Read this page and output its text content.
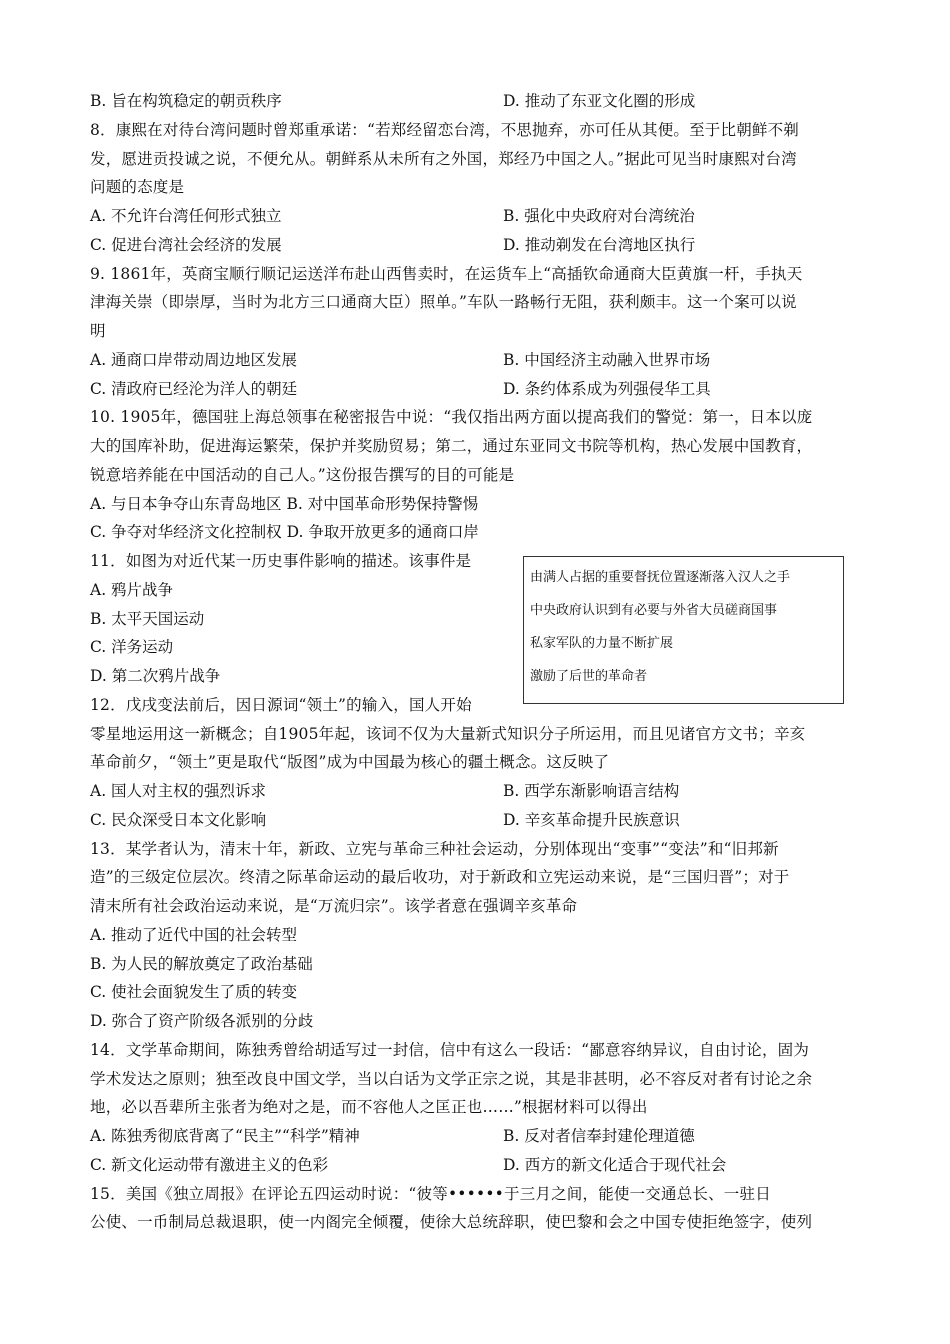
B. 旨在构筑稳定的朝贡秩序	D. 推动了东亚文化圈的形成
8．康熙在对待台湾问题时曾郑重承诺：“若郑经留恋台湾，不思抛弃，亦可任从其便。至于比朝鲜不剃
发，愿进贡投诚之说，不便允从。朝鲜系从未所有之外国，郑经乃中国之人。”据此可见当时康熙对台湾
问题的态度是
A. 不允许台湾任何形式独立	B. 强化中央政府对台湾统治
C. 促进台湾社会经济的发展	D. 推动剃发在台湾地区执行
9. 1861年，英商宝顺行顺记运送洋布赴山西售卖时，在运货车上“高插钦命通商大臣黄旗一杆，手执天
津海关崇（即崇厚，当时为北方三口通商大臣）照单。”车队一路畅行无阻，获利颇丰。这一个案可以说
明
A. 通商口岸带动周边地区发展	B. 中国经济主动融入世界市场
C. 清政府已经沦为洋人的朝廷	D. 条约体系成为列强侵华工具
10. 1905年，德国驻上海总领事在秘密报告中说：“我仅指出两方面以提高我们的警觉：第一，日本以庞
大的国库补助，促进海运繁荣，保护并奖励贸易；第二，通过东亚同文书院等机构，热心发展中国教育，
锐意培养能在中国活动的自己人。”这份报告撰写的目的可能是
A. 与日本争夺山东青岛地区 B. 对中国革命形势保持警惕
C. 争夺对华经济文化控制权 D. 争取开放更多的通商口岸
11．如图为对近代某一历史事件影响的描述。该事件是
A. 鸦片战争
B. 太平天国运动
C. 洋务运动
D. 第二次鸦片战争
由满人占据的重要督抚位置逐渐落入汉人之手
中央政府认识到有必要与外省大员磋商国事
私家军队的力量不断扩展
激励了后世的革命者
12．戊戌变法前后，因日源词“领土”的输入，国人开始
零星地运用这一新概念；自1905年起，该词不仅为大量新式知识分子所运用，而且见诸官方文书；辛亥
革命前夕，“领土”更是取代“版图”成为中国最为核心的疆土概念。这反映了
A. 国人对主权的强烈诉求	B. 西学东渐影响语言结构
C. 民众深受日本文化影响	D. 辛亥革命提升民族意识
13．某学者认为，清末十年，新政、立宪与革命三种社会运动，分别体现出“变事”“变法”和“旧邦新
造”的三级定位层次。终清之际革命运动的最后收功，对于新政和立宪运动来说，是“三国归晋”；对于
清末所有社会政治运动来说，是“万流归宗”。该学者意在强调辛亥革命
A. 推动了近代中国的社会转型
B. 为人民的解放奠定了政治基础
C. 使社会面貌发生了质的转变
D. 弥合了资产阶级各派别的分歧
14．文学革命期间，陈独秀曾给胡适写过一封信，信中有这么一段话：“鄙意容纳异议，自由讨论，固为
学术发达之原则；独至改良中国文学，当以白话为文学正宗之说，其是非甚明，必不容反对者有讨论之余
地，必以吾辈所主张者为绝对之是，而不容他人之匡正也……”根据材料可以得出
A. 陈独秀彻底背离了“民主”“科学”精神	B. 反对者信奉封建伦理道德
C. 新文化运动带有激进主义的色彩	D. 西方的新文化适合于现代社会
15．美国《独立周报》在评论五四运动时说：“彼等••••••于三月之间，能使一交通总长、一驻日
公使、一币制局总裁退职，使一内阁完全倾覆，使徐大总统辞职，使巴黎和会之中国专使拒绝签字，使列
